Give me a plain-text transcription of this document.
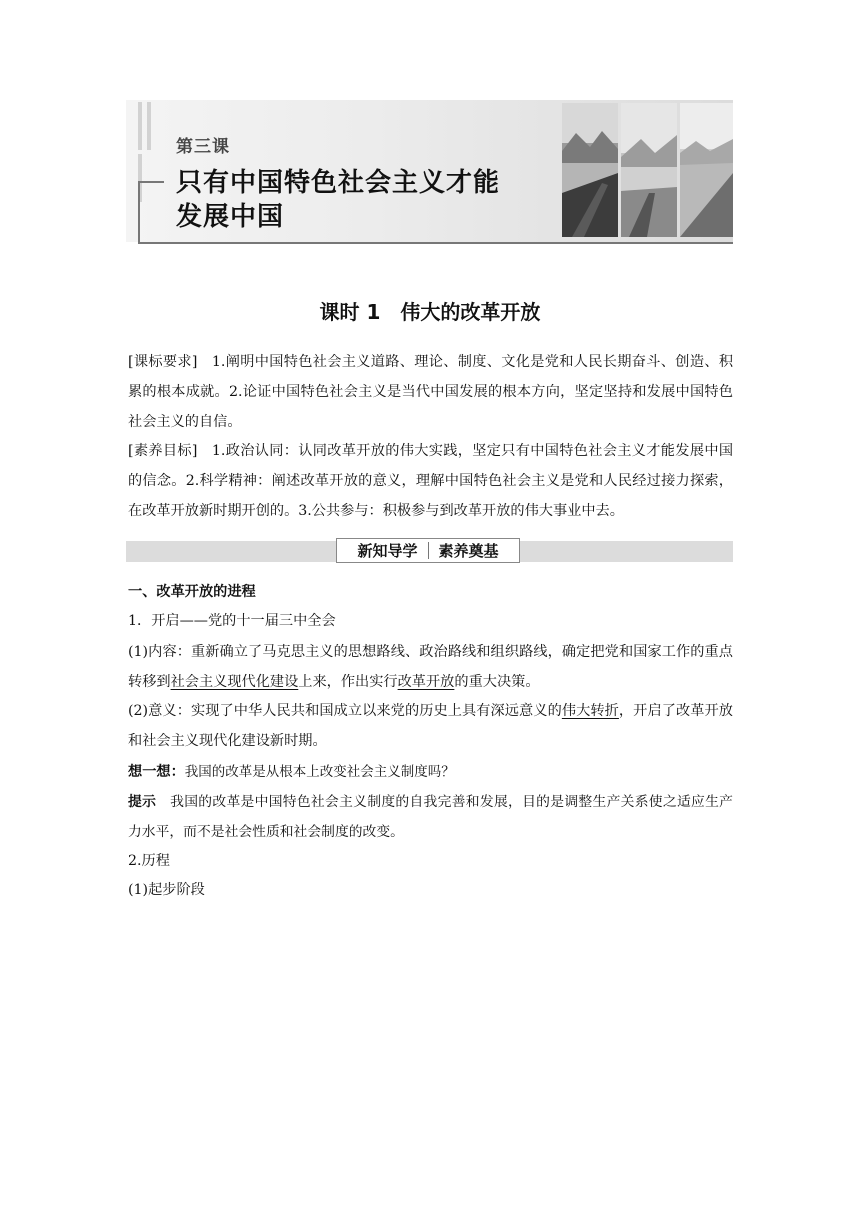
第三课
只有中国特色社会主义才能
发展中国
课时 1　伟大的改革开放
[课标要求] 1.阐明中国特色社会主义道路、理论、制度、文化是党和人民长期奋斗、创造、积累的根本成就。2.论证中国特色社会主义是当代中国发展的根本方向，坚定坚持和发展中国特色社会主义的自信。
[素养目标] 1.政治认同：认同改革开放的伟大实践，坚定只有中国特色社会主义才能发展中国的信念。2.科学精神：阐述改革开放的意义，理解中国特色社会主义是党和人民经过接力探索，在改革开放新时期开创的。3.公共参与：积极参与到改革开放的伟大事业中去。
新知导学 素养奠基
一、改革开放的进程
1．开启——党的十一届三中全会
(1)内容：重新确立了马克思主义的思想路线、政治路线和组织路线，确定把党和国家工作的重点转移到社会主义现代化建设上来，作出实行改革开放的重大决策。
(2)意义：实现了中华人民共和国成立以来党的历史上具有深远意义的伟大转折，开启了改革开放和社会主义现代化建设新时期。
想一想：我国的改革是从根本上改变社会主义制度吗？
提示 我国的改革是中国特色社会主义制度的自我完善和发展，目的是调整生产关系使之适应生产力水平，而不是社会性质和社会制度的改变。
2.历程
(1)起步阶段
